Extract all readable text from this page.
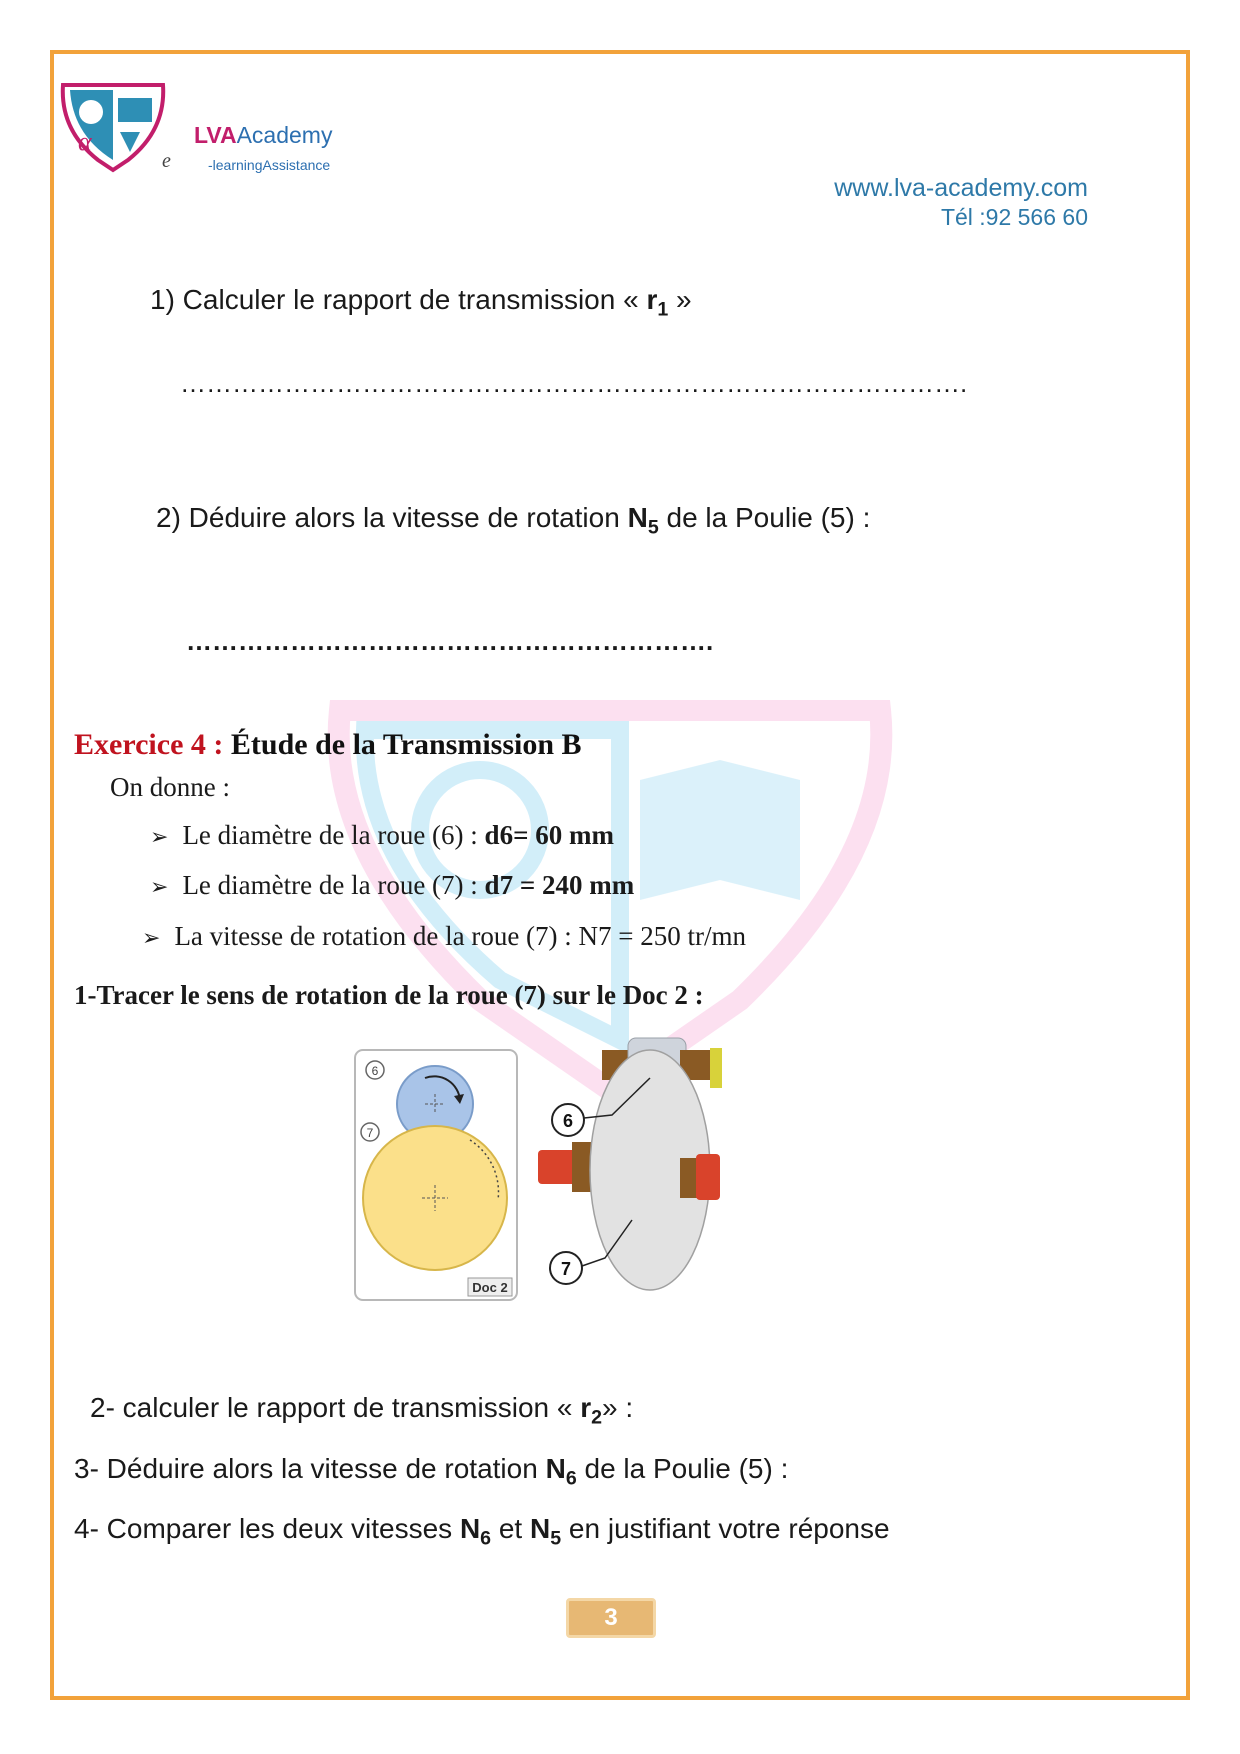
α	LVAAcademy
e	-learningAssistance
www.lva-academy.com
Tél :92 566 60
1) Calculer le rapport de transmission « $r_1$ »
……………………………………………………………………………….
2) Déduire alors la vitesse de rotation $N_5$ de la Poulie (5) :
…………………………………………………….
Exercice 4 : Étude de la Transmission B
On donne :
➢ Le diamètre de la roue (6) : d6= 60 mm
➢ Le diamètre de la roue (7) : d7 = 240 mm
➢ La vitesse de rotation de la roue (7) : N7 = 250 tr/mn
1-Tracer le sens de rotation de la roue (7) sur le Doc 2 :
6
7
Doc 2
6
7
2- calculer le rapport de transmission « $r_2$» :
3- Déduire alors la vitesse de rotation $N_6$ de la Poulie (5) :
4- Comparer les deux vitesses $N_6$ et $N_5$ en justifiant votre réponse
3
